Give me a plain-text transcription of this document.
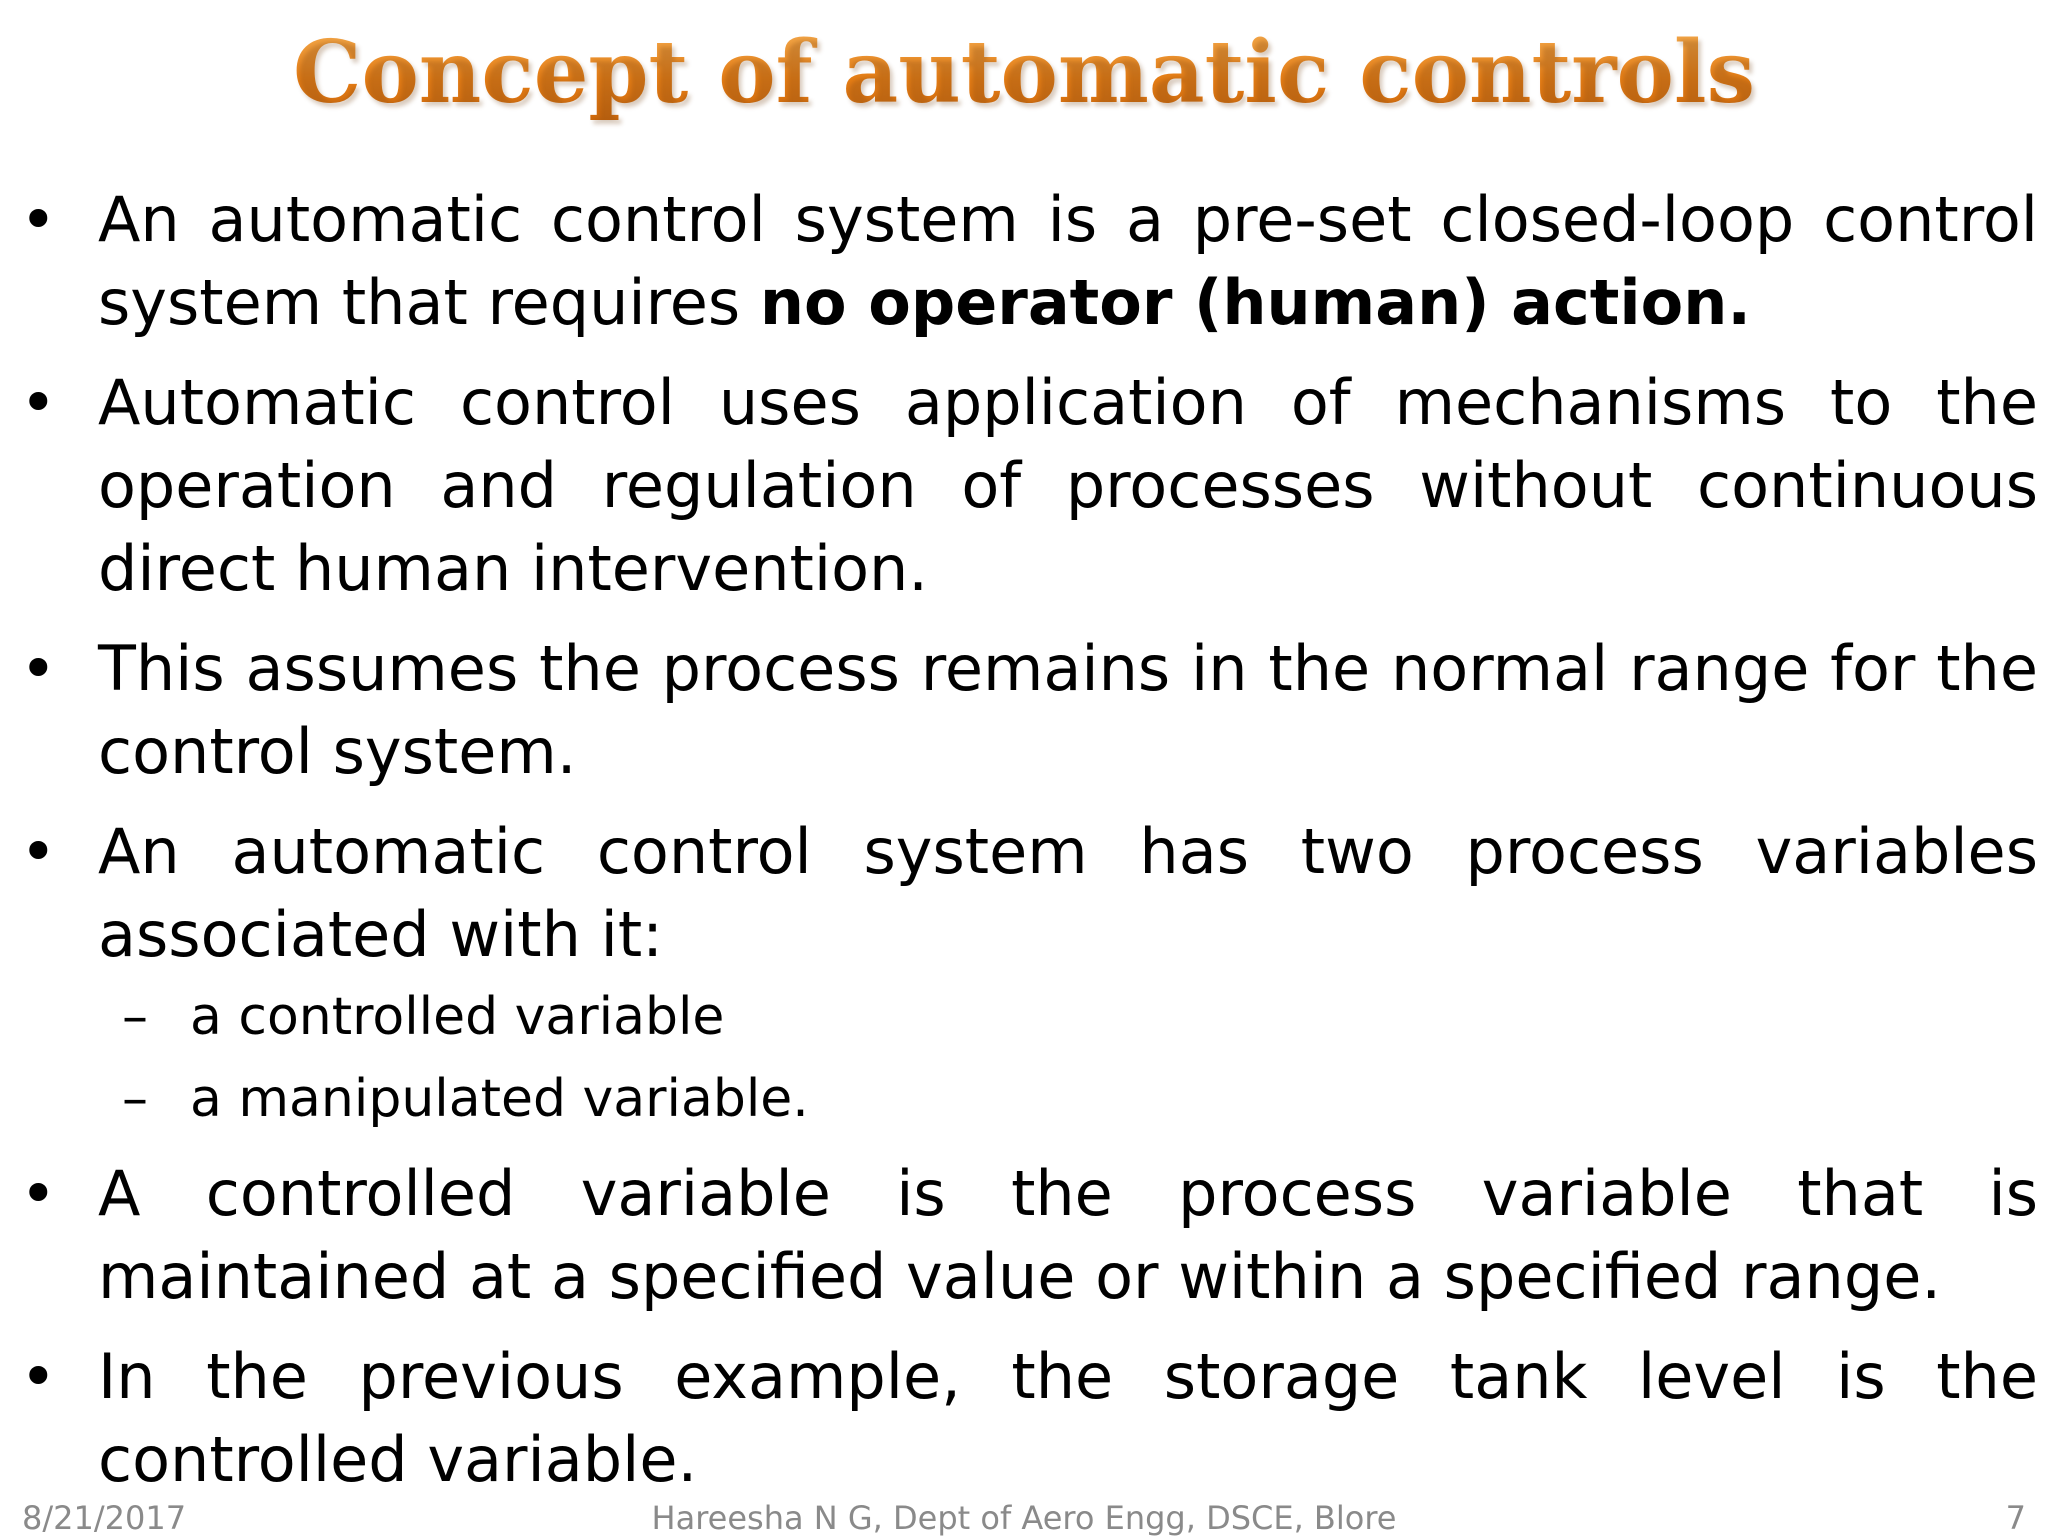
Concept of automatic controls
• An automatic control system is a pre-set closed-loop control system that requires no operator (human) action.
• Automatic control uses application of mechanisms to the operation and regulation of processes without continuous direct human intervention.
• This assumes the process remains in the normal range for the control system.
• An automatic control system has two process variables associated with it:
– a controlled variable
– a manipulated variable.
• A controlled variable is the process variable that is maintained at a specified value or within a specified range.
• In the previous example, the storage tank level is the controlled variable.
8/21/2017	Hareesha N G, Dept of Aero Engg, DSCE, Blore	7
